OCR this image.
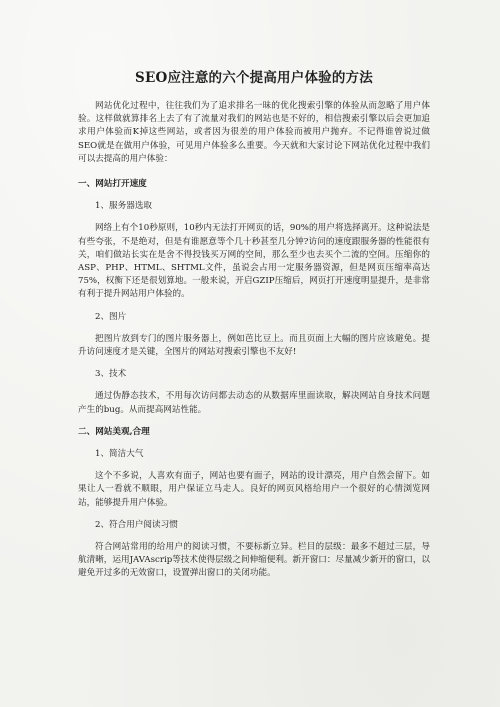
SEO应注意的六个提高用户体验的方法

网站优化过程中，往往我们为了追求排名一昧的优化搜索引擎的体验从而忽略了用户体验。这样做就算排名上去了有了流量对我们的网站也是不好的，相信搜索引擎以后会更加追求用户体验而K掉这些网站，或者因为很差的用户体验而被用户抛弃。不记得谁曾说过做SEO就是在做用户体验，可见用户体验多么重要。今天就和大家讨论下网站优化过程中我们可以去提高的用户体验：

一、网站打开速度
1、服务器选取

网络上有个10秒原则，10秒内无法打开网页的话，90%的用户将选择离开。这种说法是有些夸张，不是绝对，但是有谁愿意等个几十秒甚至几分钟?访问的速度跟服务器的性能很有关，咱们做站长实在是舍不得投钱买万网的空间，那么至少也去买个二流的空间。压缩你的ASP、PHP、HTML、SHTML文件，虽说会占用一定服务器资源，但是网页压缩率高达75%，权衡下还是很划算地。一般来说，开启GZIP压缩后，网页打开速度明显提升，是非常有利于提升网站用户体验的。

2、图片

把图片放到专门的图片服务器上，例如芭比豆上。而且页面上大幅的图片应该避免。提升访问速度才是关键，全图片的网站对搜索引擎也不友好!

3、技术

通过伪静态技术，不用每次访问都去动态的从数据库里面读取，解决网站自身技术问题产生的bug。从而提高网站性能。

二、网站美观,合理
1、简洁大气

这个不多说，人喜欢有面子，网站也要有面子，网站的设计漂亮，用户自然会留下。如果让人一看就不顺眼，用户保证立马走人。良好的网页风格给用户一个很好的心情浏览网站，能够提升用户体验。

2、符合用户阅读习惯

符合网站常用的给用户的阅读习惯，不要标新立异。栏目的层级：最多不超过三层，导航清晰，运用JAVAscrip等技术使得层级之间伸缩便利。新开窗口：尽量减少新开的窗口，以避免开过多的无效窗口，设置弹出窗口的关闭功能。
